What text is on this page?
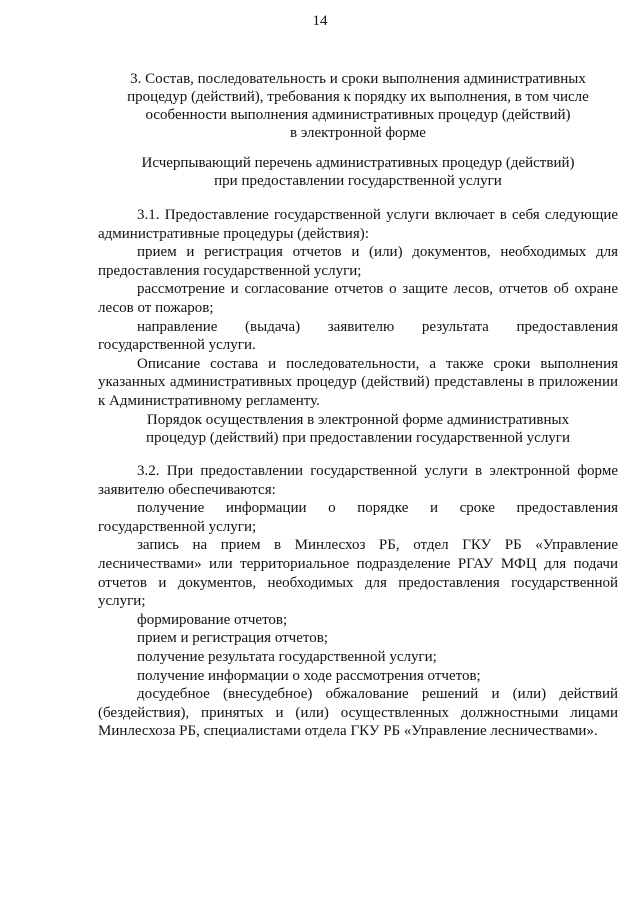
14
3. Состав, последовательность и сроки выполнения административных
процедур (действий), требования к порядку их выполнения, в том числе
особенности выполнения административных процедур (действий)
в электронной форме
Исчерпывающий перечень административных процедур (действий)
при предоставлении государственной услуги

3.1. Предоставление государственной услуги включает в себя следующие административные процедуры (действия):

прием и регистрация отчетов и (или) документов, необходимых для предоставления государственной услуги;

рассмотрение и согласование отчетов о защите лесов, отчетов об охране лесов от пожаров;

направление (выдача) заявителю результата предоставления государственной услуги.

Описание состава и последовательности, а также сроки выполнения указанных административных процедур (действий) представлены в приложении к Административному регламенту.

Порядок осуществления в электронной форме административных
процедур (действий) при предоставлении государственной услуги

3.2. При предоставлении государственной услуги в электронной форме заявителю обеспечиваются:

получение информации о порядке и сроке предоставления государственной услуги;

запись на прием в Минлесхоз РБ, отдел ГКУ РБ «Управление лесничествами» или территориальное подразделение РГАУ МФЦ для подачи отчетов и документов, необходимых для предоставления государственной услуги;

формирование отчетов;

прием и регистрация отчетов;

получение результата государственной услуги;

получение информации о ходе рассмотрения отчетов;

досудебное (внесудебное) обжалование решений и (или) действий (бездействия), принятых и (или) осуществленных должностными лицами Минлесхоза РБ, специалистами отдела ГКУ РБ «Управление лесничествами».
